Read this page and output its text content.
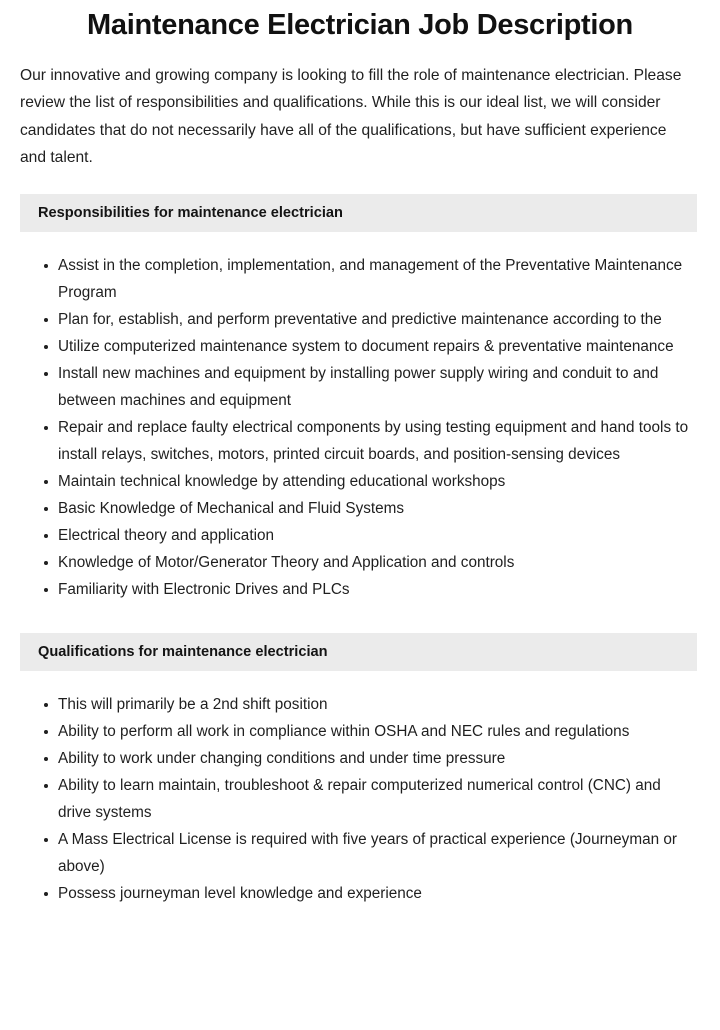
Maintenance Electrician Job Description

Our innovative and growing company is looking to fill the role of maintenance electrician. Please review the list of responsibilities and qualifications. While this is our ideal list, we will consider candidates that do not necessarily have all of the qualifications, but have sufficient experience and talent.

Responsibilities for maintenance electrician
Assist in the completion, implementation, and management of the Preventative Maintenance Program
Plan for, establish, and perform preventative and predictive maintenance according to the
Utilize computerized maintenance system to document repairs & preventative maintenance
Install new machines and equipment by installing power supply wiring and conduit to and between machines and equipment
Repair and replace faulty electrical components by using testing equipment and hand tools to install relays, switches, motors, printed circuit boards, and position-sensing devices
Maintain technical knowledge by attending educational workshops
Basic Knowledge of Mechanical and Fluid Systems
Electrical theory and application
Knowledge of Motor/Generator Theory and Application and controls
Familiarity with Electronic Drives and PLCs
Qualifications for maintenance electrician
This will primarily be a 2nd shift position
Ability to perform all work in compliance within OSHA and NEC rules and regulations
Ability to work under changing conditions and under time pressure
Ability to learn maintain, troubleshoot & repair computerized numerical control (CNC) and drive systems
A Mass Electrical License is required with five years of practical experience (Journeyman or above)
Possess journeyman level knowledge and experience
